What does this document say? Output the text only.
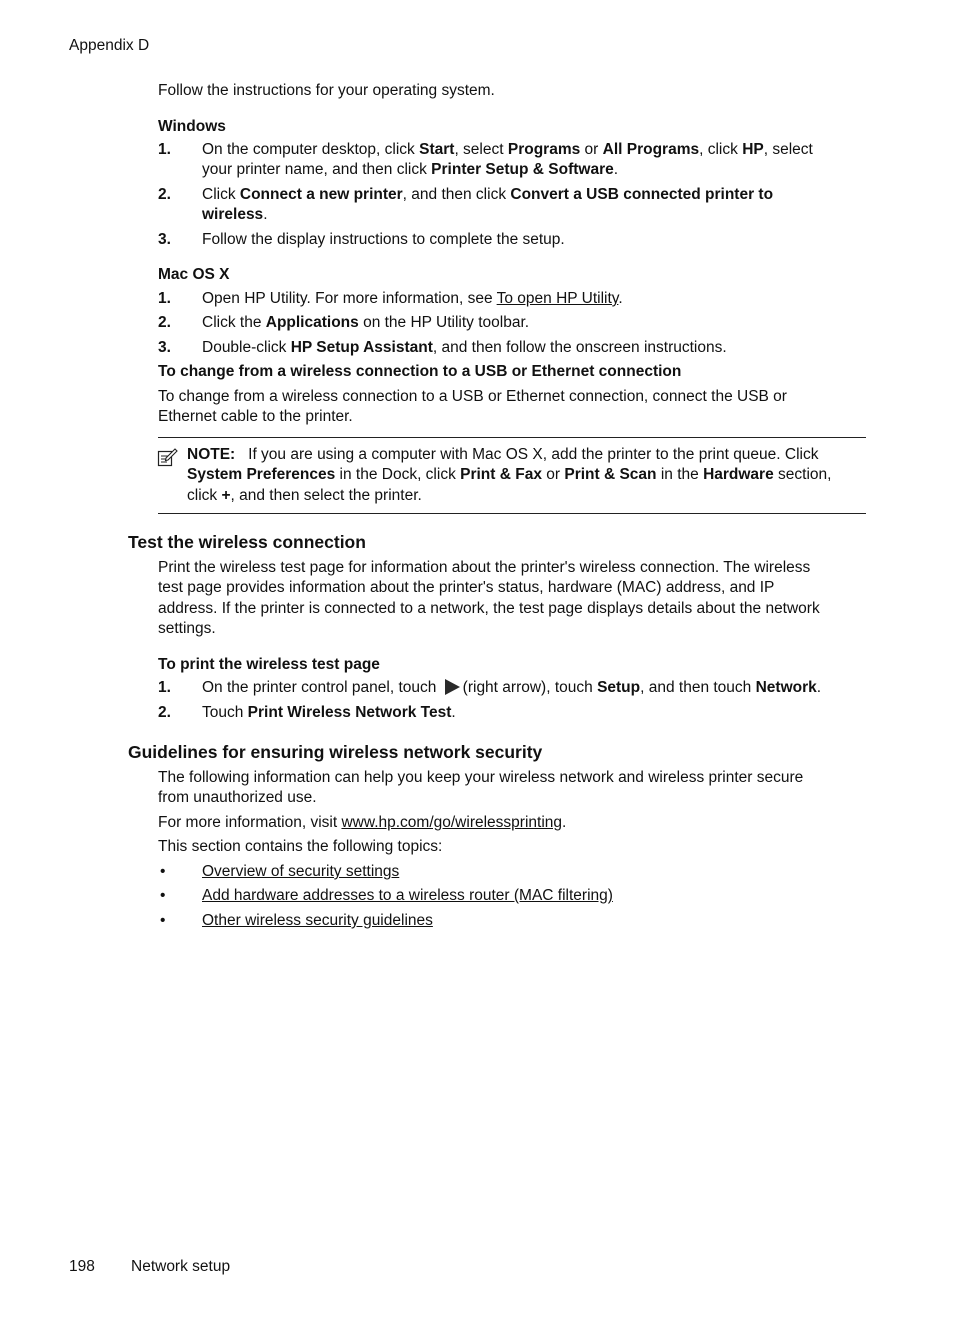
Appendix D
Follow the instructions for your operating system.
Windows
1. On the computer desktop, click Start, select Programs or All Programs, click HP, select
your printer name, and then click Printer Setup & Software.
2. Click Connect a new printer, and then click Convert a USB connected printer to
wireless.
3. Follow the display instructions to complete the setup.
Mac OS X
1. Open HP Utility. For more information, see To open HP Utility.
2. Click the Applications on the HP Utility toolbar.
3. Double-click HP Setup Assistant, and then follow the onscreen instructions.
To change from a wireless connection to a USB or Ethernet connection
To change from a wireless connection to a USB or Ethernet connection, connect the USB or
Ethernet cable to the printer.
NOTE: If you are using a computer with Mac OS X, add the printer to the print queue. Click
System Preferences in the Dock, click Print & Fax or Print & Scan in the Hardware section,
click +, and then select the printer.
Test the wireless connection
Print the wireless test page for information about the printer's wireless connection. The wireless
test page provides information about the printer's status, hardware (MAC) address, and IP
address. If the printer is connected to a network, the test page displays details about the network
settings.
To print the wireless test page
1. On the printer control panel, touch (right arrow), touch Setup, and then touch Network.
2. Touch Print Wireless Network Test.
Guidelines for ensuring wireless network security
The following information can help you keep your wireless network and wireless printer secure
from unauthorized use.
For more information, visit www.hp.com/go/wirelessprinting.
This section contains the following topics:
• Overview of security settings
• Add hardware addresses to a wireless router (MAC filtering)
• Other wireless security guidelines
198 Network setup
